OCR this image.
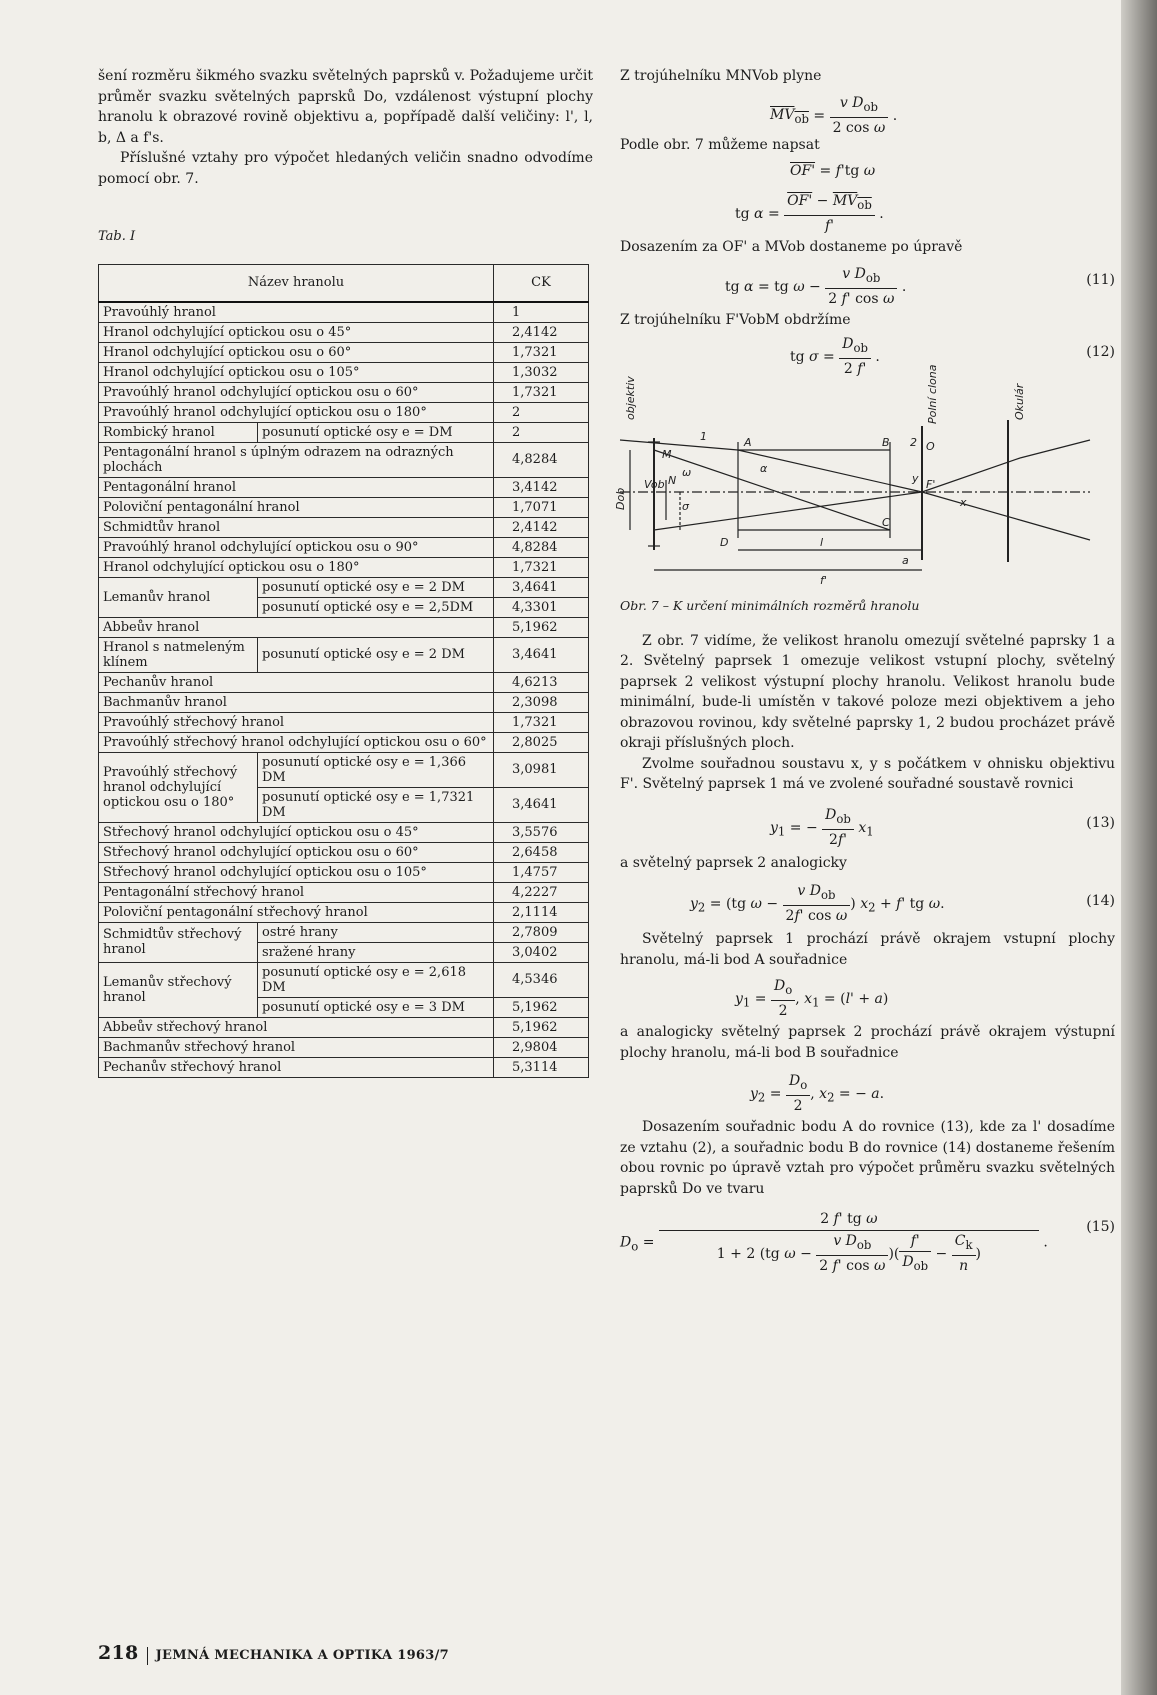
šení rozměru šikmého svazku světelných paprsků v. Požadujeme určit průměr svazku světelných paprsků Do, vzdálenost výstupní plochy hranolu k obrazové rovině objektivu a, popřípadě další veličiny: l', l, b, Δ a f's.

Příslušné vztahy pro výpočet hledaných veličin snadno odvodíme pomocí obr. 7.

Tab. I
Název hranolu		CK
Pravoúhlý hranol		1
Hranol odchylující optickou osu o 45°		2,4142
Hranol odchylující optickou osu o 60°		1,7321
Hranol odchylující optickou osu o 105°		1,3032
Pravoúhlý hranol odchylující optickou osu o 60°		1,7321
Pravoúhlý hranol odchylující optickou osu o 180°		2
Rombický hranol	posunutí optické osy e = DM	2
Pentagonální hranol s úplným odrazem na odrazných plochách		4,8284
Pentagonální hranol		3,4142
Poloviční pentagonální hranol		1,7071
Schmidtův hranol		2,4142
Pravoúhlý hranol odchylující optickou osu o 90°		4,8284
Hranol odchylující optickou osu o 180°		1,7321
Lemanův hranol	posunutí optické osy e = 2 DM	3,4641
	posunutí optické osy e = 2,5DM	4,3301
Abbeův hranol		5,1962
Hranol s natmeleným klínem	posunutí optické osy e = 2 DM	3,4641
Pechanův hranol		4,6213
Bachmanův hranol		2,3098
Pravoúhlý střechový hranol		1,7321
Pravoúhlý střechový hranol odchylující optickou osu o 60°		2,8025
Pravoúhlý střechový hranol odchylující optickou osu o 180°	posunutí optické osy e = 1,366 DM	3,0981
	posunutí optické osy e = 1,7321 DM	3,4641
Střechový hranol odchylující optickou osu o 45°		3,5576
Střechový hranol odchylující optickou osu o 60°		2,6458
Střechový hranol odchylující optickou osu o 105°		1,4757
Pentagonální střechový hranol		4,2227
Poloviční pentagonální střechový hranol		2,1114
Schmidtův střechový hranol	ostré hrany	2,7809
	sražené hrany	3,0402
Lemanův střechový hranol	posunutí optické osy e = 2,618 DM	4,5346
	posunutí optické osy e = 3 DM	5,1962
Abbeův střechový hranol		5,1962
Bachmanův střechový hranol		2,9804
Pechanův střechový hranol		5,3114

Z trojúhelníku MNVob plyne

$MV_{ob} = \frac{v D_{ob}}{\text{2 cos ω}}$ .

Podle obr. 7 můžeme napsat

OF' = f'tg ω
tg $\alpha = \frac{OF' - MV_{ob}}{f'}$ .

Dosazením za OF' a MVob dostaneme po úpravě

tg α = tg $\omega - \frac{v D_{ob}}{\text{2 f' cos ω}}$ .	(11)

Z trojúhelníku F'VobM obdržíme

tg $\sigma = \frac{D_{ob}}{2 f'}$ .	(12)
objektiv	Polní clona	Okulár
Dob
Vob
M
N
A	B
C
O
F'
1	2
D	l
a
f'
ω
σ
α
y
x
Obr. 7 – K určení minimálních rozměrů hranolu

Z obr. 7 vidíme, že velikost hranolu omezují světelné paprsky 1 a 2. Světelný paprsek 1 omezuje velikost vstupní plochy, světelný paprsek 2 velikost výstupní plochy hranolu. Velikost hranolu bude minimální, bude-li umístěn v takové poloze mezi objektivem a jeho obrazovou rovinou, kdy světelné paprsky 1, 2 budou procházet právě okraji příslušných ploch.

Zvolme souřadnou soustavu x, y s počátkem v ohnisku objektivu F'. Světelný paprsek 1 má ve zvolené souřadné soustavě rovnici

$y_1$ = − $\frac{D_{ob}}{2f'} x_1$
(13)

a světelný paprsek 2 analogicky

$y_2 = (tg$ $\omega - \frac{v D_{ob}}{\text{2f' cos ω}}$ ) $x_2 + f'$ tg ω.	(14)

Světelný paprsek 1 prochází právě okrajem vstupní plochy hranolu, má-li bod A souřadnice

$y_1 = \frac{D_o}{2}$ , $x_1 = (l' + a)$

a analogicky světelný paprsek 2 prochází právě okrajem výstupní plochy hranolu, má-li bod B souřadnice

$y_2 = \frac{D_o}{2}$ , $x_2$ = − a.

Dosazením souřadnic bodu A do rovnice (13), kde za l' dosadíme ze vztahu (2), a souřadnic bodu B do rovnice (14) dostaneme řešením obou rovnic po úpravě vztah pro výpočet průměru svazku světelných paprsků Do ve tvaru

$D_o = \frac{\text{2 f' tg ω}}{1 + 2 (tg \omega - \frac{v D_{ob}}{\text{2 f' cos ω}} )( \frac{f'}{D_{ob}} - \frac{C_k}{n} )}$ .
(15)
218 JEMNÁ MECHANIKA A OPTIKA 1963/7
